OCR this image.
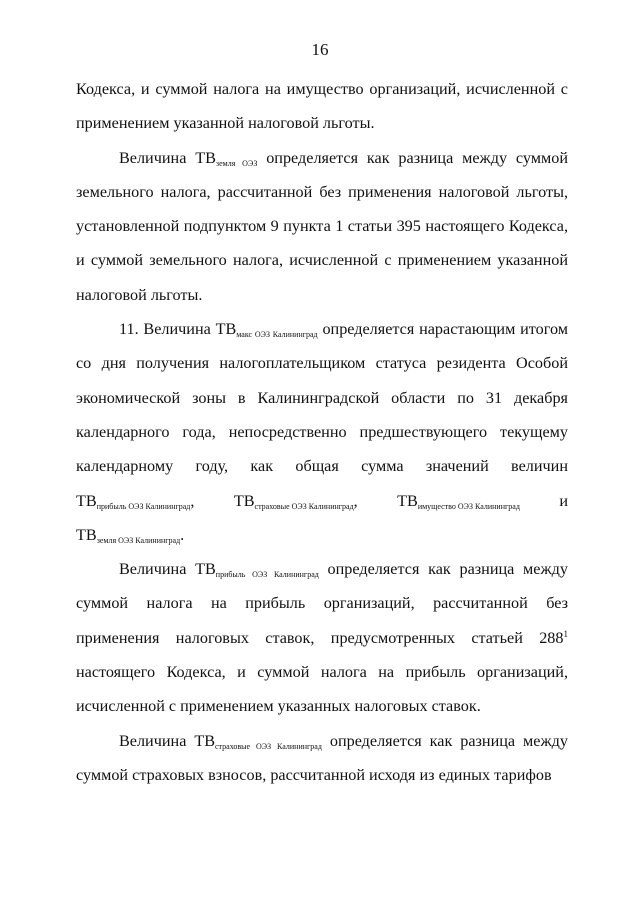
16

Кодекса, и суммой налога на имущество организаций, исчисленной с применением указанной налоговой льготы.

Величина $ТВ_{земля ОЭЗ}$ определяется как разница между суммой земельного налога, рассчитанной без применения налоговой льготы, установленной подпунктом 9 пункта 1 статьи 395 настоящего Кодекса, и суммой земельного налога, исчисленной с применением указанной налоговой льготы.

11. Величина $ТВ_{макс ОЭЗ Калининград}$ определяется нарастающим итогом со дня получения налогоплательщиком статуса резидента Особой экономической зоны в Калининградской области по 31 декабря календарного года, непосредственно предшествующего текущему календарному году, как общая сумма значений величин

$ТВ_{прибыль ОЭЗ Калининград}$, $ТВ_{страховые ОЭЗ Калининград}$, $ТВ_{имущество ОЭЗ Калининград}$ и

$ТВ_{земля ОЭЗ Калининград}$.

Величина $ТВ_{прибыль ОЭЗ Калининград}$ определяется как разница между суммой налога на прибыль организаций, рассчитанной без применения налоговых ставок, предусмотренных статьей $288^1$ настоящего Кодекса, и суммой налога на прибыль организаций, исчисленной с применением указанных налоговых ставок.

Величина $ТВ_{страховые ОЭЗ Калининград}$ определяется как разница между суммой страховых взносов, рассчитанной исходя из единых тарифов
